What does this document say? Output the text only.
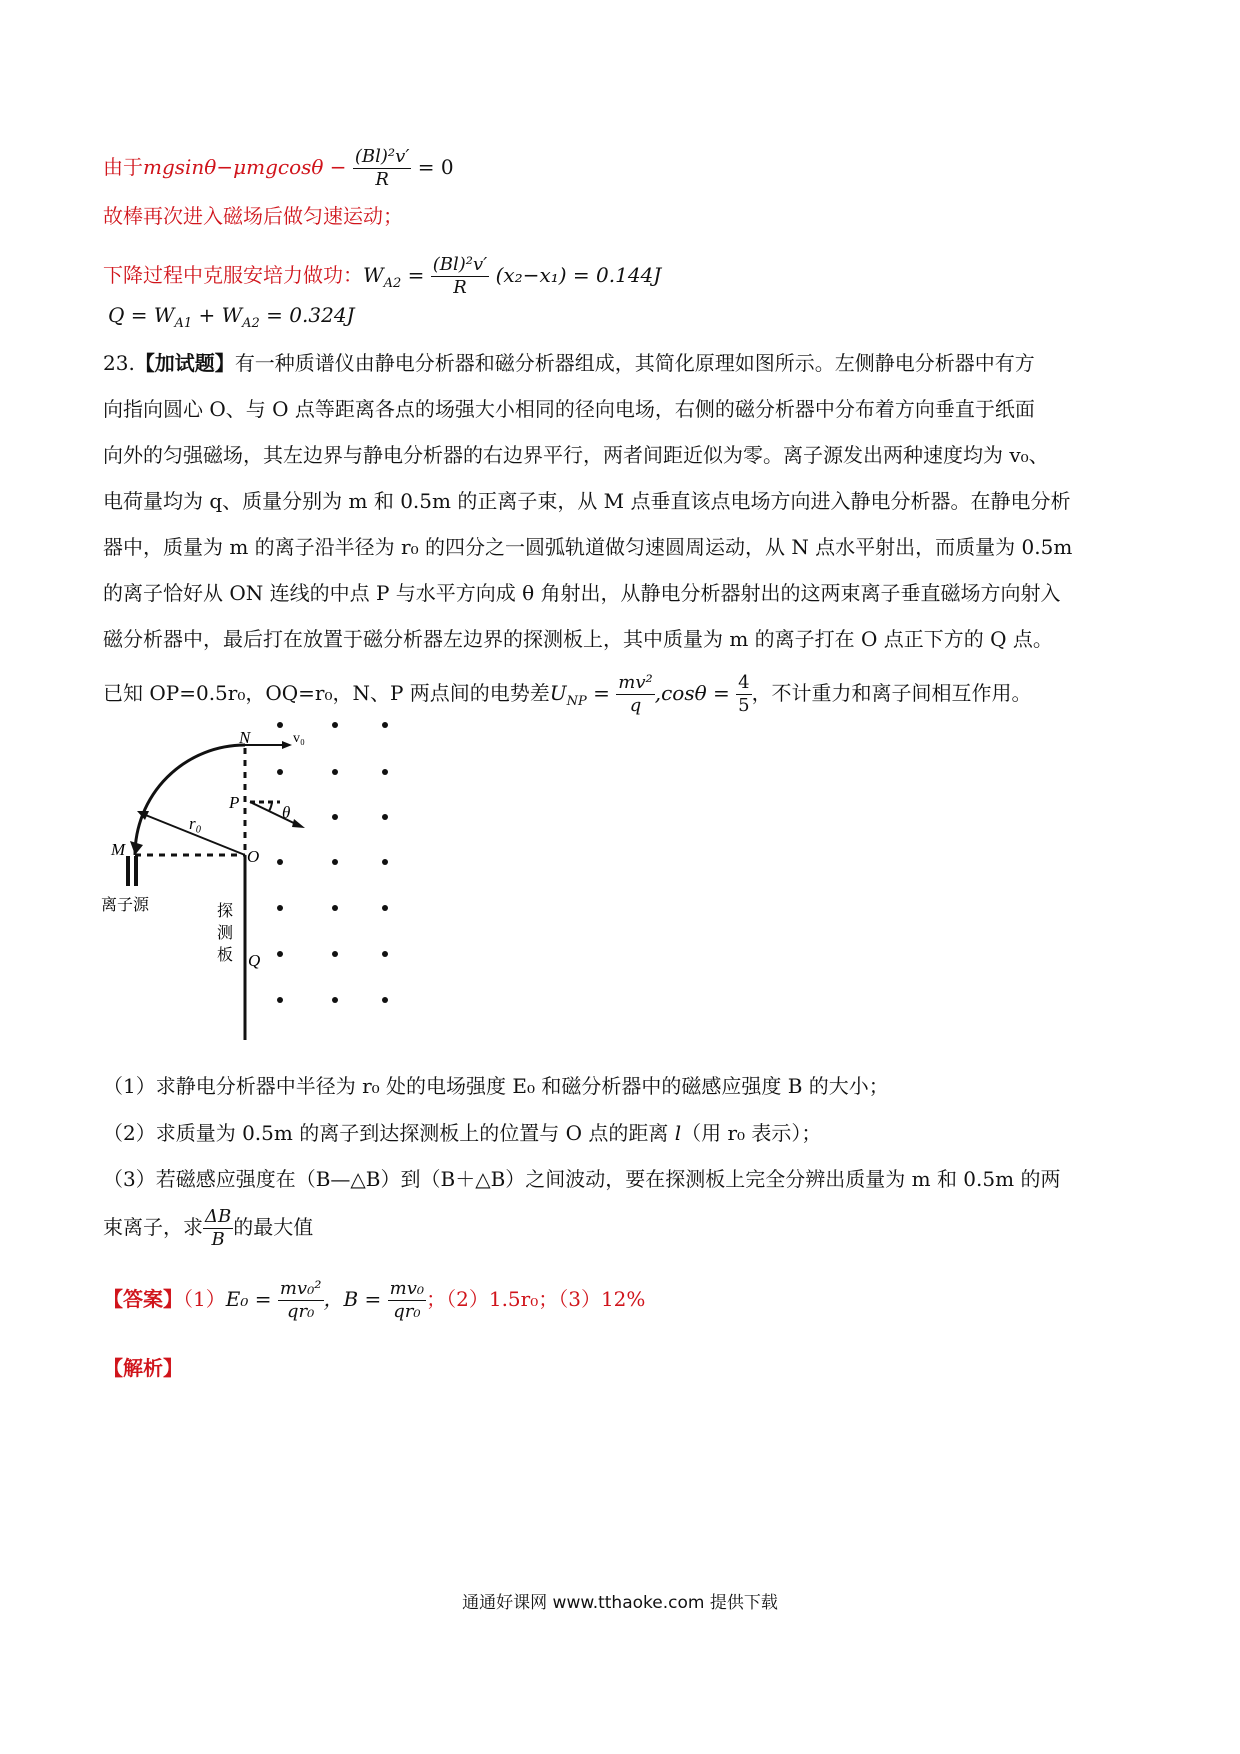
由于$mgsin\theta-\mu mgcos\theta - \frac{\text{(Bl)²v′}}{R} = 0$
故棒再次进入磁场后做匀速运动；
下降过程中克服安培力做功：$W_{A2} = \frac{\text{(Bl)²v′}}{R} (x_2-x_1) = 0.144J$
$Q = W_{A1} + W_{A2} = 0.324J$
23.【加试题】有一种质谱仪由静电分析器和磁分析器组成，其简化原理如图所示。左侧静电分析器中有方
向指向圆心 O、与 O 点等距离各点的场强大小相同的径向电场，右侧的磁分析器中分布着方向垂直于纸面
向外的匀强磁场，其左边界与静电分析器的右边界平行，两者间距近似为零。离子源发出两种速度均为 v₀、
电荷量均为 q、质量分别为 m 和 0.5m 的正离子束，从 M 点垂直该点电场方向进入静电分析器。在静电分析
器中，质量为 m 的离子沿半径为 r₀ 的四分之一圆弧轨道做匀速圆周运动，从 N 点水平射出，而质量为 0.5m
的离子恰好从 ON 连线的中点 P 与水平方向成 θ 角射出，从静电分析器射出的这两束离子垂直磁场方向射入
磁分析器中，最后打在放置于磁分析器左边界的探测板上，其中质量为 m 的离子打在 O 点正下方的 Q 点。
已知 OP=0.5r₀，OQ=r₀，N、P 两点间的电势差$U_{NP} = \frac{\text{mv²}}{q} ,\cos\theta = \frac{4}{5}$ ，不计重力和离子间相互作用。
N	v₀
P
θ
r₀
M	O
Q
离子源	探
测
板
（1）求静电分析器中半径为 r₀ 处的电场强度 E₀ 和磁分析器中的磁感应强度 B 的大小；
（2）求质量为 0.5m 的离子到达探测板上的位置与 O 点的距离 l（用 r₀ 表示）；
（3）若磁感应强度在（B—△B）到（B＋△B）之间波动，要在探测板上完全分辨出质量为 m 和 0.5m 的两
束离子，求 $\frac{\Delta B}{B}$ 的最大值
【答案】$(1)E_0 = \frac{\text{mv₀²}}{\text{qr₀}}$ ，$B = \frac{\text{mv₀}}{\text{qr₀}}$ ；（2）1.5r₀；（3）12%
【解析】
通通好课网 www.tthaoke.com 提供下载
